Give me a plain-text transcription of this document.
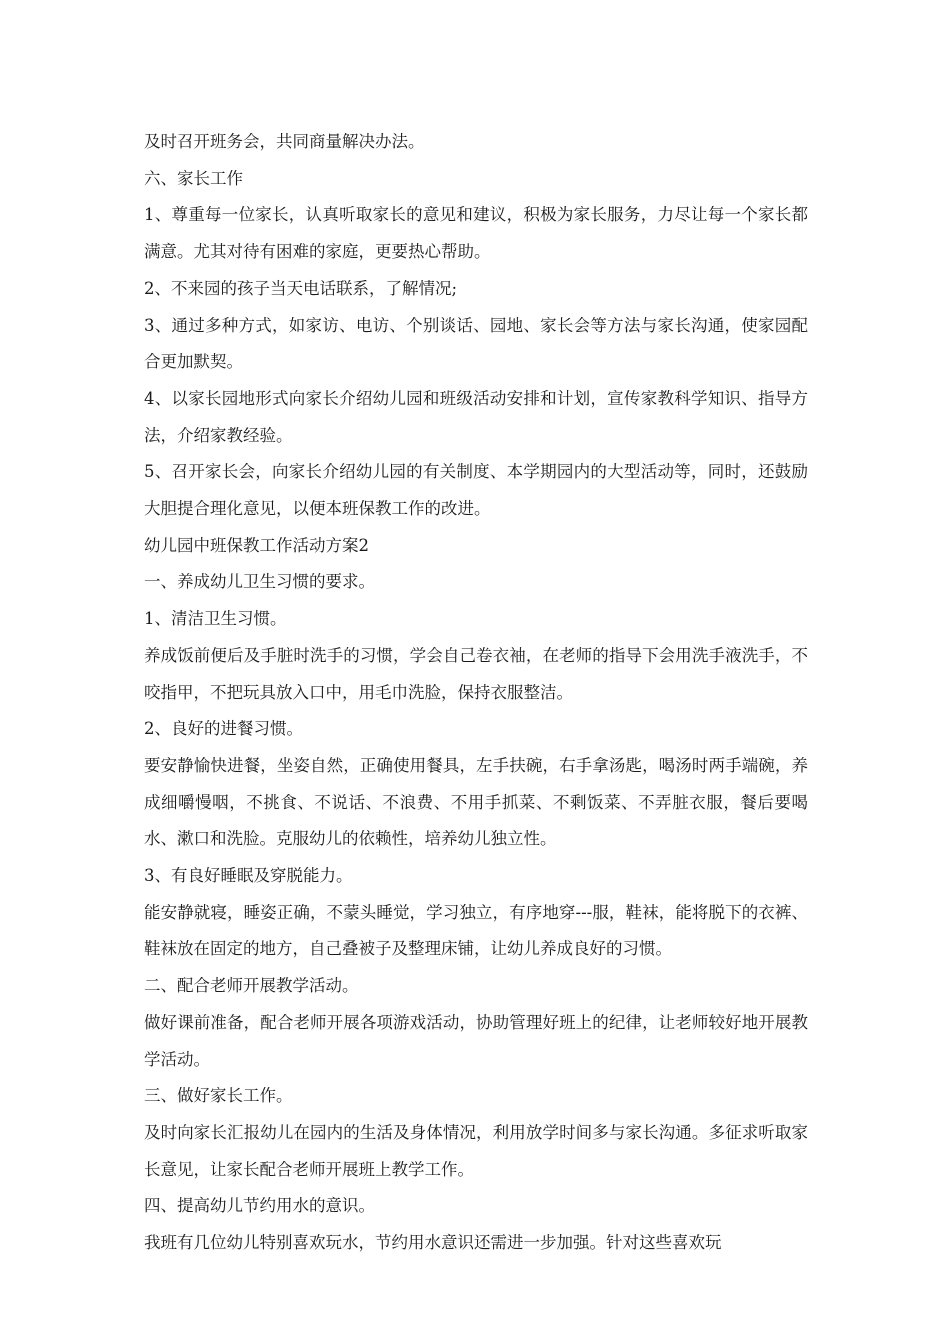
及时召开班务会，共同商量解决办法。

六、家长工作

1、尊重每一位家长，认真听取家长的意见和建议，积极为家长服务，力尽让每一个家长都满意。尤其对待有困难的家庭，更要热心帮助。

2、不来园的孩子当天电话联系，了解情况;

3、通过多种方式，如家访、电访、个别谈话、园地、家长会等方法与家长沟通，使家园配合更加默契。

4、以家长园地形式向家长介绍幼儿园和班级活动安排和计划，宣传家教科学知识、指导方法，介绍家教经验。

5、召开家长会，向家长介绍幼儿园的有关制度、本学期园内的大型活动等，同时，还鼓励大胆提合理化意见，以便本班保教工作的改进。

幼儿园中班保教工作活动方案2

一、养成幼儿卫生习惯的要求。

1、清洁卫生习惯。

养成饭前便后及手脏时洗手的习惯，学会自己卷衣袖，在老师的指导下会用洗手液洗手，不咬指甲，不把玩具放入口中，用毛巾洗脸，保持衣服整洁。

2、良好的进餐习惯。

要安静愉快进餐，坐姿自然，正确使用餐具，左手扶碗，右手拿汤匙，喝汤时两手端碗，养成细嚼慢咽，不挑食、不说话、不浪费、不用手抓菜、不剩饭菜、不弄脏衣服，餐后要喝水、漱口和洗脸。克服幼儿的依赖性，培养幼儿独立性。

3、有良好睡眠及穿脱能力。

能安静就寝，睡姿正确，不蒙头睡觉，学习独立，有序地穿---服，鞋袜，能将脱下的衣裤、鞋袜放在固定的地方，自己叠被子及整理床铺，让幼儿养成良好的习惯。

二、配合老师开展教学活动。

做好课前准备，配合老师开展各项游戏活动，协助管理好班上的纪律，让老师较好地开展教学活动。

三、做好家长工作。

及时向家长汇报幼儿在园内的生活及身体情况，利用放学时间多与家长沟通。多征求听取家长意见，让家长配合老师开展班上教学工作。

四、提高幼儿节约用水的意识。

我班有几位幼儿特别喜欢玩水，节约用水意识还需进一步加强。针对这些喜欢玩
